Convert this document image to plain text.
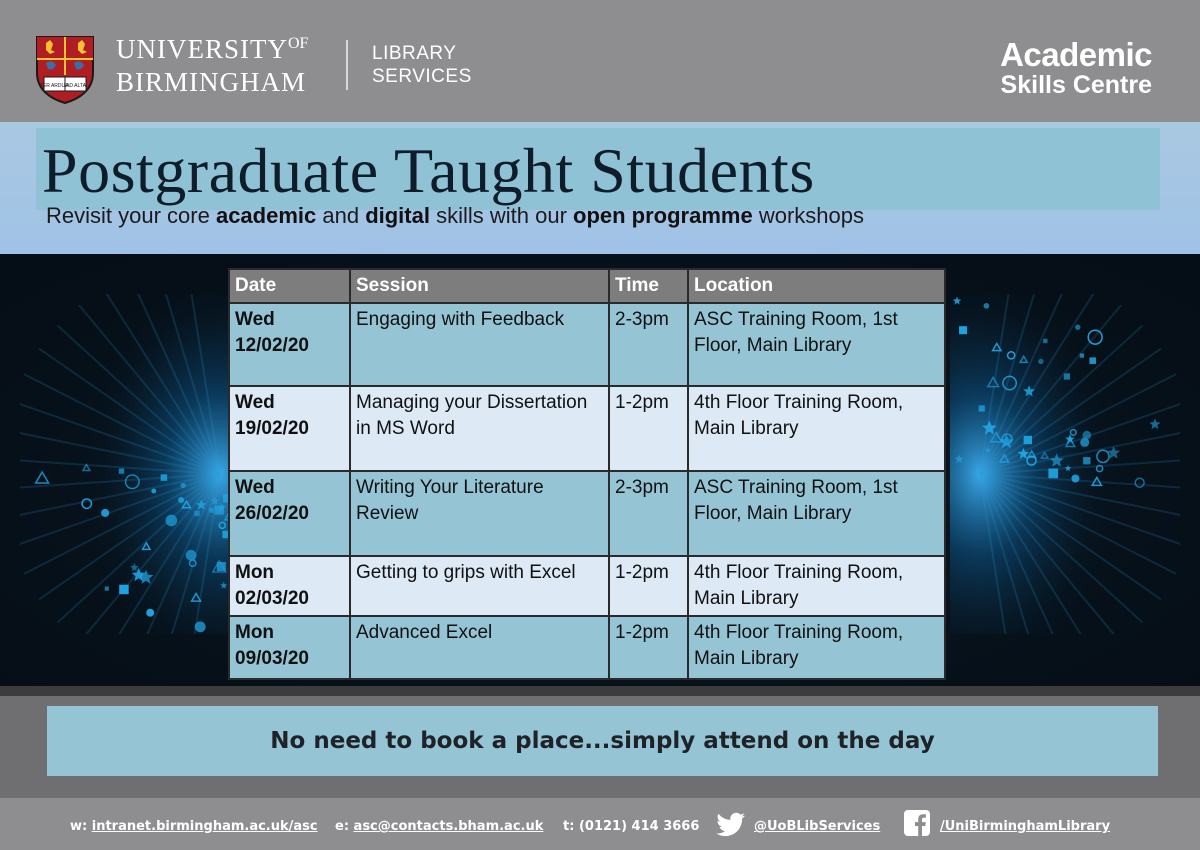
PER ARDUA
AD ALTA
$UNIVERSITY^{OF}$
BIRMINGHAM
LIBRARY
SERVICES
Academic
Skills Centre
Postgraduate Taught Students
Revisit your core academic and digital skills with our open programme workshops
Date	Session	Time	Location

Wed
12/02/20	Engaging with Feedback	2-3pm	ASC Training Room, 1st Floor, Main Library

Wed
19/02/20	Managing your Dissertation in MS Word	1-2pm	4th Floor Training Room, Main Library

Wed
26/02/20	Writing Your Literature Review	2-3pm	ASC Training Room, 1st Floor, Main Library

Mon
02/03/20	Getting to grips with Excel	1-2pm	4th Floor Training Room, Main Library

Mon
09/03/20	Advanced Excel	1-2pm	4th Floor Training Room, Main Library
No need to book a place...simply attend on the day
w: intranet.birmingham.ac.uk/asc e: asc@contacts.bham.ac.uk t: (0121) 414 3666	@UoBLibServices	/UniBirminghamLibrary
